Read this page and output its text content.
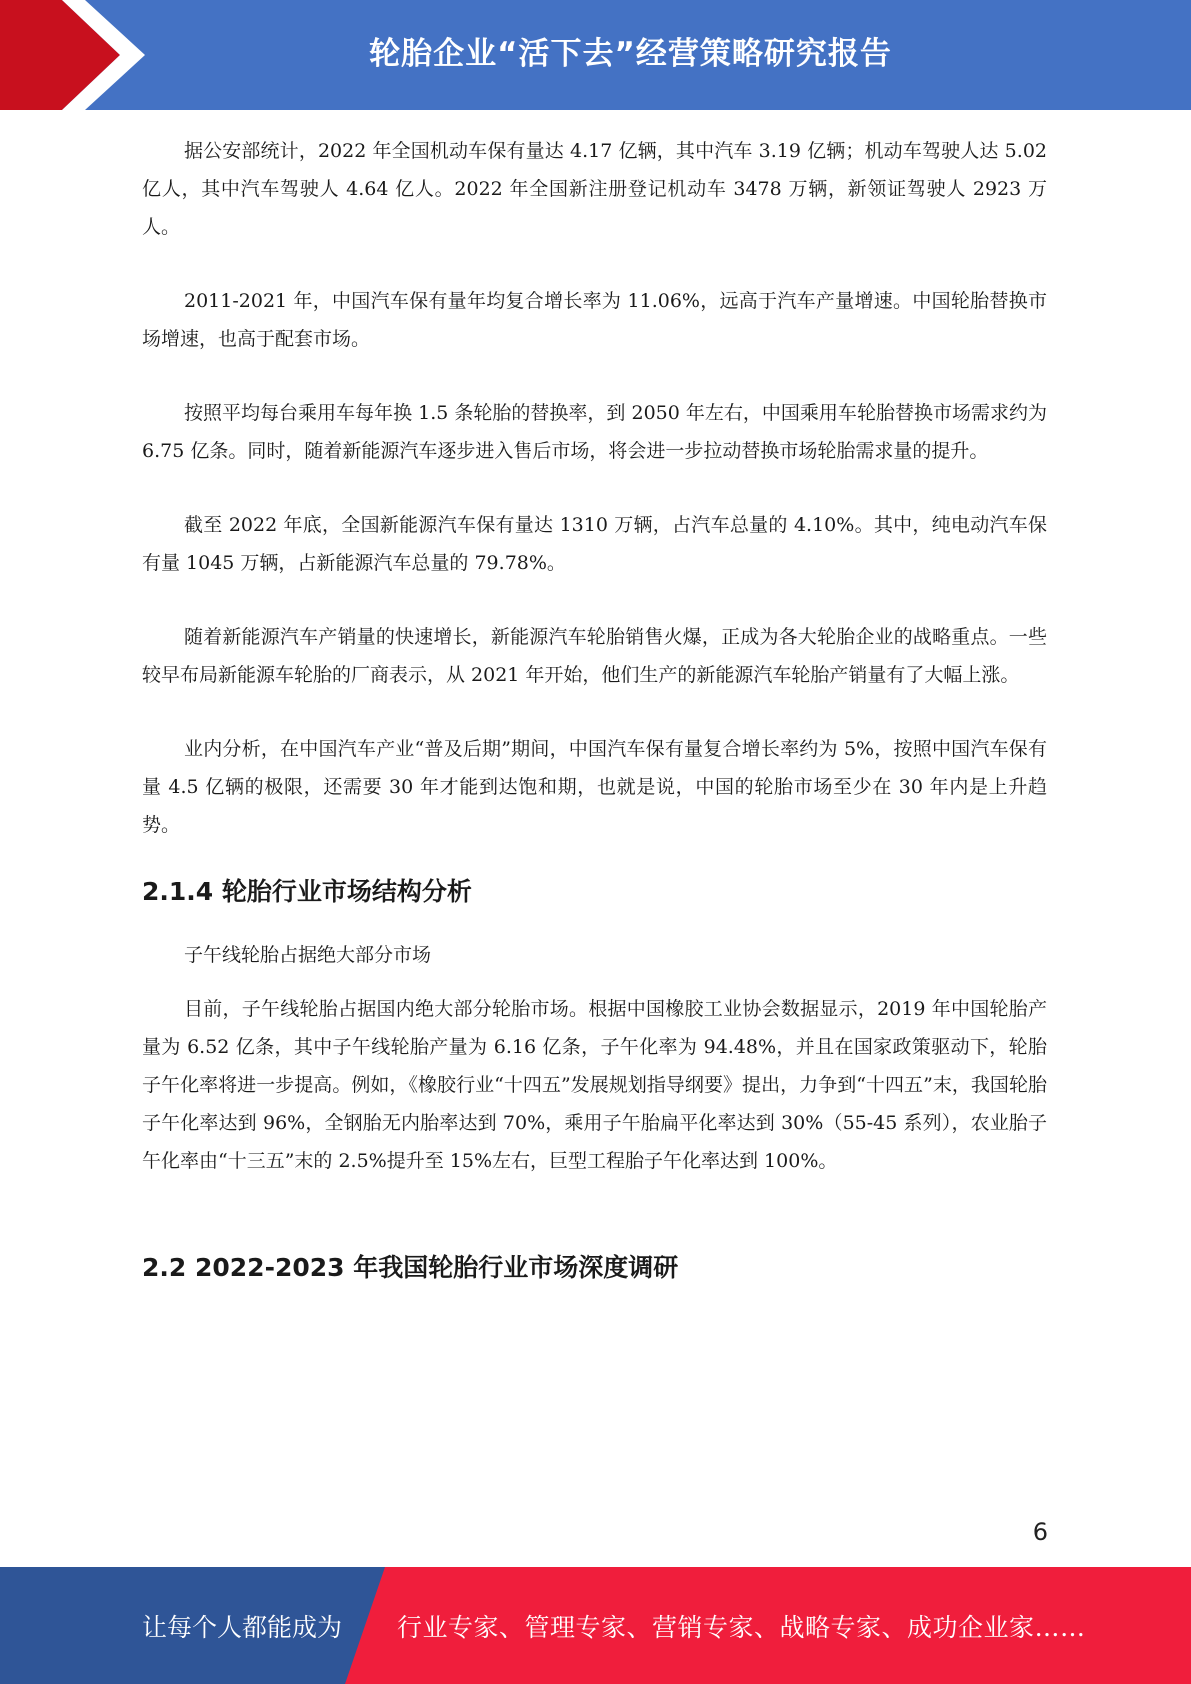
轮胎企业“活下去”经营策略研究报告

据公安部统计，2022 年全国机动车保有量达 4.17 亿辆，其中汽车 3.19 亿辆；机动车驾驶人达 5.02 亿人，其中汽车驾驶人 4.64 亿人。2022 年全国新注册登记机动车 3478 万辆，新领证驾驶人 2923 万人。

2011-2021 年，中国汽车保有量年均复合增长率为 11.06%，远高于汽车产量增速。中国轮胎替换市场增速，也高于配套市场。

按照平均每台乘用车每年换 1.5 条轮胎的替换率，到 2050 年左右，中国乘用车轮胎替换市场需求约为 6.75 亿条。同时，随着新能源汽车逐步进入售后市场，将会进一步拉动替换市场轮胎需求量的提升。

截至 2022 年底，全国新能源汽车保有量达 1310 万辆，占汽车总量的 4.10%。其中，纯电动汽车保有量 1045 万辆，占新能源汽车总量的 79.78%。

随着新能源汽车产销量的快速增长，新能源汽车轮胎销售火爆，正成为各大轮胎企业的战略重点。一些较早布局新能源车轮胎的厂商表示，从 2021 年开始，他们生产的新能源汽车轮胎产销量有了大幅上涨。

业内分析，在中国汽车产业“普及后期”期间，中国汽车保有量复合增长率约为 5%，按照中国汽车保有量 4.5 亿辆的极限，还需要 30 年才能到达饱和期，也就是说，中国的轮胎市场至少在 30 年内是上升趋势。

2.1.4 轮胎行业市场结构分析

子午线轮胎占据绝大部分市场

目前，子午线轮胎占据国内绝大部分轮胎市场。根据中国橡胶工业协会数据显示，2019 年中国轮胎产量为 6.52 亿条，其中子午线轮胎产量为 6.16 亿条，子午化率为 94.48%，并且在国家政策驱动下，轮胎子午化率将进一步提高。例如，《橡胶行业“十四五”发展规划指导纲要》提出，力争到“十四五”末，我国轮胎子午化率达到 96%，全钢胎无内胎率达到 70%，乘用子午胎扁平化率达到 30%（55-45 系列），农业胎子午化率由“十三五”末的 2.5%提升至 15%左右，巨型工程胎子午化率达到 100%。

2.2 2022-2023 年我国轮胎行业市场深度调研
6
让每个人都能成为 行业专家、管理专家、营销专家、战略专家、成功企业家……
